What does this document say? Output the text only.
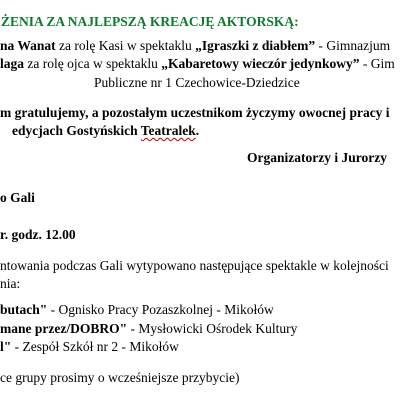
ŻENIA ZA NAJLEPSZĄ KREACJĘ AKTORSKĄ:
na Wanat za rolę Kasi w spektaklu „Igraszki z diabłem” - Gimnazjum
laga za rolę ojca w spektaklu „Kabaretowy wieczór jedynkowy” - Gim
Publiczne nr 1 Czechowice-Dziedzice
m gratulujemy, a pozostałym uczestnikom życzymy owocnej pracy i
edycjach Gostyńskich Teatralek.
Organizatorzy i Jurorzy
o Gali
r. godz. 12.00
ntowania podczas Gali wytypowano następujące spektakle w kolejności
nia:
butach" - Ognisko Pracy Pozaszkolnej - Mikołów
mane przez/DOBRO" - Mysłowicki Ośrodek Kultury
l" - Zespół Szkół nr 2 - Mikołów
ce grupy prosimy o wcześniejsze przybycie)
